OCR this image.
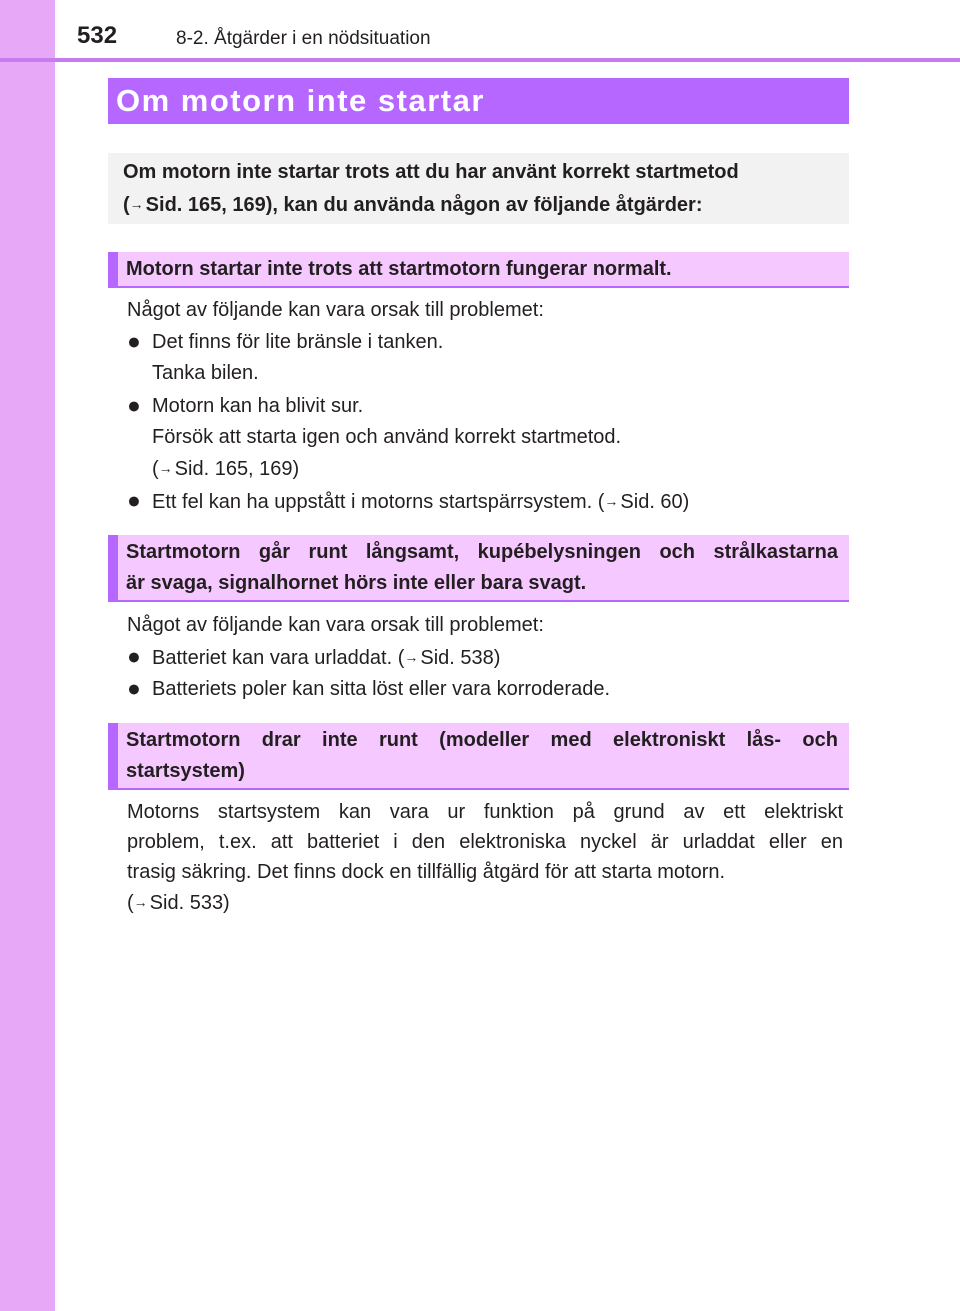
532	8-2. Åtgärder i en nödsituation
Om motorn inte startar
Om motorn inte startar trots att du har använt korrekt startmetod
(→ Sid. 165, 169), kan du använda någon av följande åtgärder:
Motorn startar inte trots att startmotorn fungerar normalt.
Något av följande kan vara orsak till problemet:
● Det finns för lite bränsle i tanken.
Tanka bilen.
● Motorn kan ha blivit sur.
Försök att starta igen och använd korrekt startmetod.
(→ Sid. 165, 169)
● Ett fel kan ha uppstått i motorns startspärrsystem. (→ Sid. 60)
Startmotorn går runt långsamt, kupébelysningen och strålkastarna
är svaga, signalhornet hörs inte eller bara svagt.
Något av följande kan vara orsak till problemet:
● Batteriet kan vara urladdat. (→ Sid. 538)
● Batteriets poler kan sitta löst eller vara korroderade.
Startmotorn drar inte runt (modeller med elektroniskt lås- och
startsystem)
Motorns startsystem kan vara ur funktion på grund av ett elektriskt
problem, t.ex. att batteriet i den elektroniska nyckel är urladdat eller en
trasig säkring. Det finns dock en tillfällig åtgärd för att starta motorn.
(→ Sid. 533)
